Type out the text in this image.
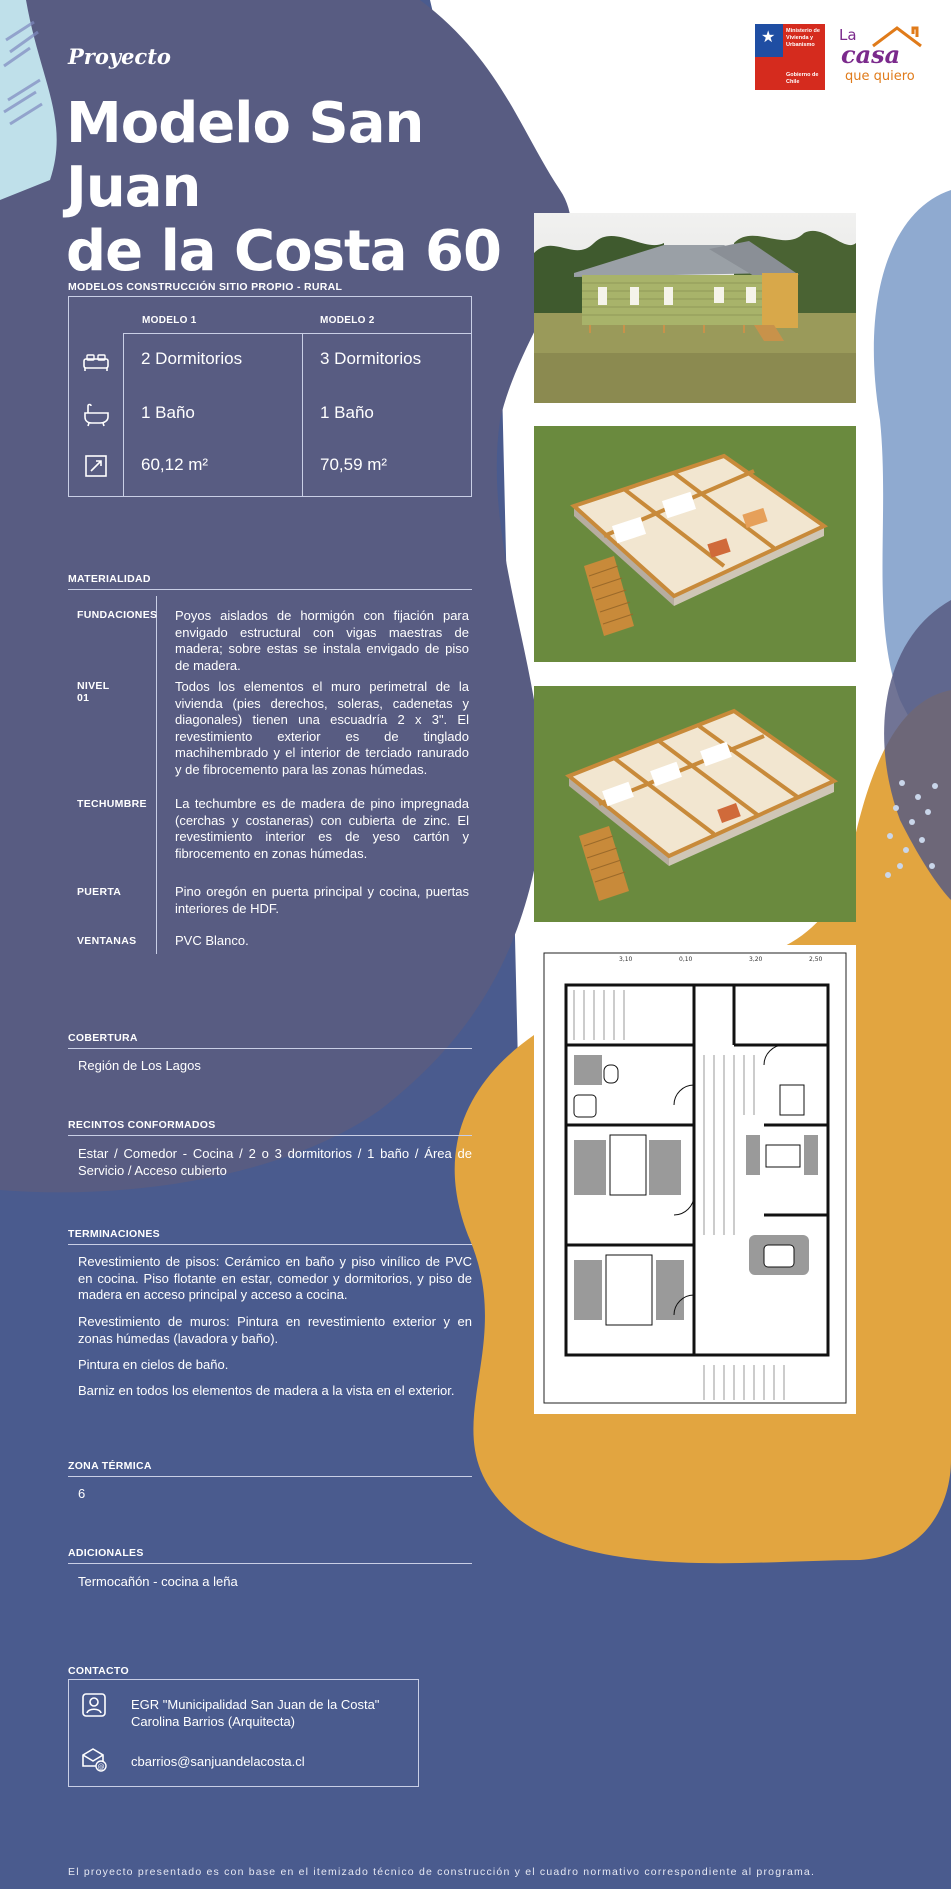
Proyecto
Modelo San Juan
de la Costa 60
★ Ministerio de
Vivienda y
Urbanismo
Gobierno de Chile
La
casa
que quiero
MODELOS CONSTRUCCIÓN SITIO PROPIO - RURAL
MODELO 1	MODELO 2
2 Dormitorios	3 Dormitorios
1 Baño	1 Baño
60,12 m²	70,59 m²
MATERIALIDAD
FUNDACIONES Poyos aislados de hormigón con fijación para envigado estructural con vigas maestras de madera; sobre estas se instala envigado de piso de madera.
NIVEL 01
Todos los elementos el muro perimetral de la vivienda (pies derechos, soleras, cadenetas y diagonales) tienen una escuadría 2 x 3". El revestimiento exterior es de tinglado machihembrado y el interior de terciado ranurado y de fibrocemento para las zonas húmedas.
TECHUMBRE La techumbre es de madera de pino impregnada (cerchas y costaneras) con cubierta de zinc. El revestimiento interior es de yeso cartón y fibrocemento en zonas húmedas.
PUERTA	Pino oregón en puerta principal y cocina, puertas interiores de HDF.
VENTANAS	PVC Blanco.
COBERTURA
Región de Los Lagos
RECINTOS CONFORMADOS
Estar / Comedor - Cocina / 2 o 3 dormitorios / 1 baño / Área de Servicio / Acceso cubierto
TERMINACIONES
Revestimiento de pisos: Cerámico en baño y piso vinílico de PVC en cocina. Piso flotante en estar, comedor y dormitorios, y piso de madera en acceso principal y acceso a cocina.
Revestimiento de muros: Pintura en revestimiento exterior y en zonas húmedas (lavadora y baño).
Pintura en cielos de baño.
Barniz en todos los elementos de madera a la vista en el exterior.
ZONA TÉRMICA
6
ADICIONALES
Termocañón - cocina a leña
CONTACTO
EGR "Municipalidad San Juan de la Costa"
Carolina Barrios (Arquitecta)
@ cbarrios@sanjuandelacosta.cl
El proyecto presentado es con base en el itemizado técnico de construcción y el cuadro normativo correspondiente al programa.
3,10	0,10	3,20	2,50
